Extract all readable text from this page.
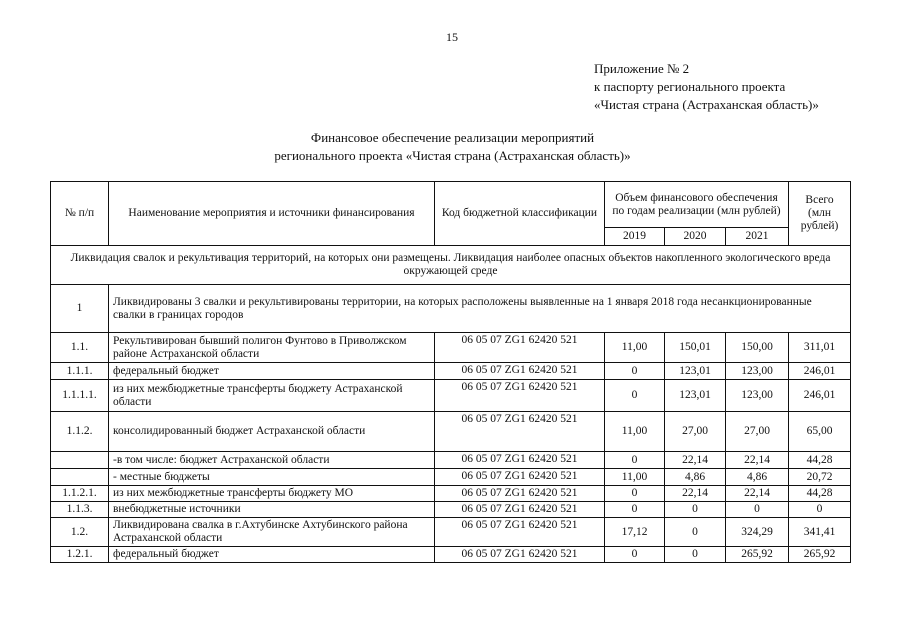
15
Приложение № 2
к паспорту регионального проекта
«Чистая страна (Астраханская область)»
Финансовое обеспечение реализации мероприятий
регионального проекта «Чистая страна (Астраханская область)»
№ п/п	Наименование мероприятия и источники финансирования	Код бюджетной классификации	Объем финансового обеспечения по годам реализации (млн рублей)			Всего (млн рублей)
			2019	2020	2021	
Ликвидация свалок и рекультивация территорий, на которых они размещены. Ликвидация наиболее опасных объектов накопленного экологического вреда окружающей среде						
1	Ликвидированы 3 свалки и рекультивированы территории, на которых расположены выявленные на 1 января 2018 года несанкционированные свалки в границах городов					
1.1.	Рекультивирован бывший полигон Фунтово в Приволжском районе Астраханской области	06 05 07 ZG1 62420 521	11,00	150,01	150,00	311,01
1.1.1.	федеральный бюджет	06 05 07 ZG1 62420 521	0	123,01	123,00	246,01
1.1.1.1.	из них межбюджетные трансферты бюджету Астраханской области	06 05 07 ZG1 62420 521	0	123,01	123,00	246,01
1.1.2.	консолидированный бюджет Астраханской области	06 05 07 ZG1 62420 521	11,00	27,00	27,00	65,00
	-в том числе: бюджет Астраханской области	06 05 07 ZG1 62420 521	0	22,14	22,14	44,28
	- местные бюджеты	06 05 07 ZG1 62420 521	11,00	4,86	4,86	20,72
1.1.2.1.	из них межбюджетные трансферты бюджету МО	06 05 07 ZG1 62420 521	0	22,14	22,14	44,28
1.1.3.	внебюджетные источники	06 05 07 ZG1 62420 521	0	0	0	0
1.2.	Ликвидирована свалка в г.Ахтубинске Ахтубинского района Астраханской области	06 05 07 ZG1 62420 521	17,12	0	324,29	341,41
1.2.1.	федеральный бюджет	06 05 07 ZG1 62420 521	0	0	265,92	265,92
